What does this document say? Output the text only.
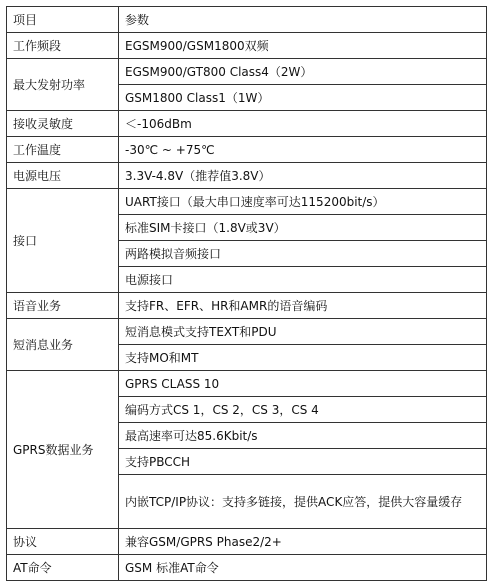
项目	参数
工作频段	EGSM900/GSM1800双频
最大发射功率	EGSM900/GT800 Class4（2W）
	GSM1800 Class1（1W）
接收灵敏度	＜-106dBm
工作温度	-30℃ ~ +75℃
电源电压	3.3V-4.8V（推荐值3.8V）
接口	UART接口（最大串口速度率可达115200bit/s）
	标准SIM卡接口（1.8V或3V）
	两路模拟音频接口
	电源接口
语音业务	支持FR、EFR、HR和AMR的语音编码
短消息业务	短消息模式支持TEXT和PDU
	支持MO和MT
GPRS数据业务	GPRS CLASS 10
	编码方式CS 1，CS 2，CS 3，CS 4
	最高速率可达85.6Kbit/s
	支持PBCCH
	内嵌TCP/IP协议：支持多链接，提供ACK应答，提供大容量缓存
协议	兼容GSM/GPRS Phase2/2+
AT命令	GSM 标准AT命令
